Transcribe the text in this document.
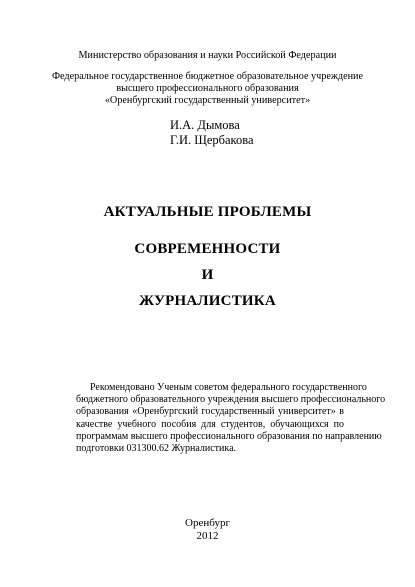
Министерство образования и науки Российской Федерации
Федеральное государственное бюджетное образовательное учреждение
высшего профессионального образования
«Оренбургский государственный университет»
И.А. Дымова
Г.И. Щербакова
АКТУАЛЬНЫЕ ПРОБЛЕМЫ
СОВРЕМЕННОСТИ
И
ЖУРНАЛИСТИКА
Рекомендовано Ученым советом федерального государственного
бюджетного образовательного учреждения высшего профессионального
образования «Оренбургский государственный университет» в
качестве учебного пособия для студентов, обучающихся по
программам высшего профессионального образования по направлению
подготовки 031300.62 Журналистика.
Оренбург
2012
